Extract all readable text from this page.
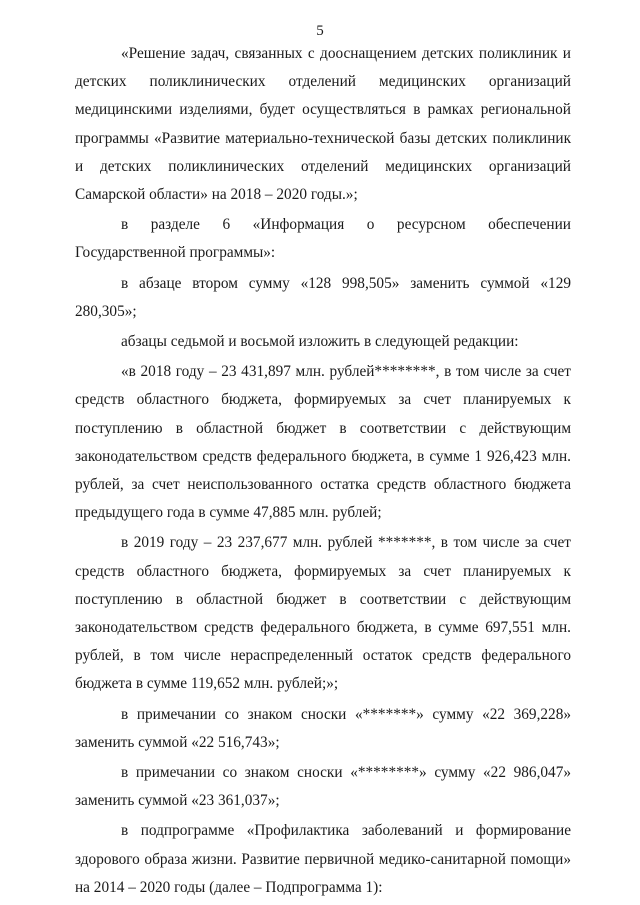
5

«Решение задач, связанных с дооснащением детских поликлиник и детских поликлинических отделений медицинских организаций медицинскими изделиями, будет осуществляться в рамках региональной программы «Развитие материально-технической базы детских поликлиник и детских поликлинических отделений медицинских организаций Самарской области» на 2018 – 2020 годы.»;

в разделе 6 «Информация о ресурсном обеспечении Государственной программы»:

в абзаце втором сумму «128 998,505» заменить суммой «129 280,305»;

абзацы седьмой и восьмой изложить в следующей редакции:

«в 2018 году – 23 431,897 млн. рублей********, в том числе за счет средств областного бюджета, формируемых за счет планируемых к поступлению в областной бюджет в соответствии с действующим законодательством средств федерального бюджета, в сумме 1 926,423 млн. рублей, за счет неиспользованного остатка средств областного бюджета предыдущего года в сумме 47,885 млн. рублей;

в 2019 году – 23 237,677 млн. рублей *******, в том числе за счет средств областного бюджета, формируемых за счет планируемых к поступлению в областной бюджет в соответствии с действующим законодательством средств федерального бюджета, в сумме 697,551 млн. рублей, в том числе нераспределенный остаток средств федерального бюджета в сумме 119,652 млн. рублей;»;

в примечании со знаком сноски «*******» сумму «22 369,228» заменить суммой «22 516,743»;

в примечании со знаком сноски «********» сумму «22 986,047» заменить суммой «23 361,037»;

в подпрограмме «Профилактика заболеваний и формирование здорового образа жизни. Развитие первичной медико-санитарной помощи» на 2014 – 2020 годы (далее – Подпрограмма 1):
